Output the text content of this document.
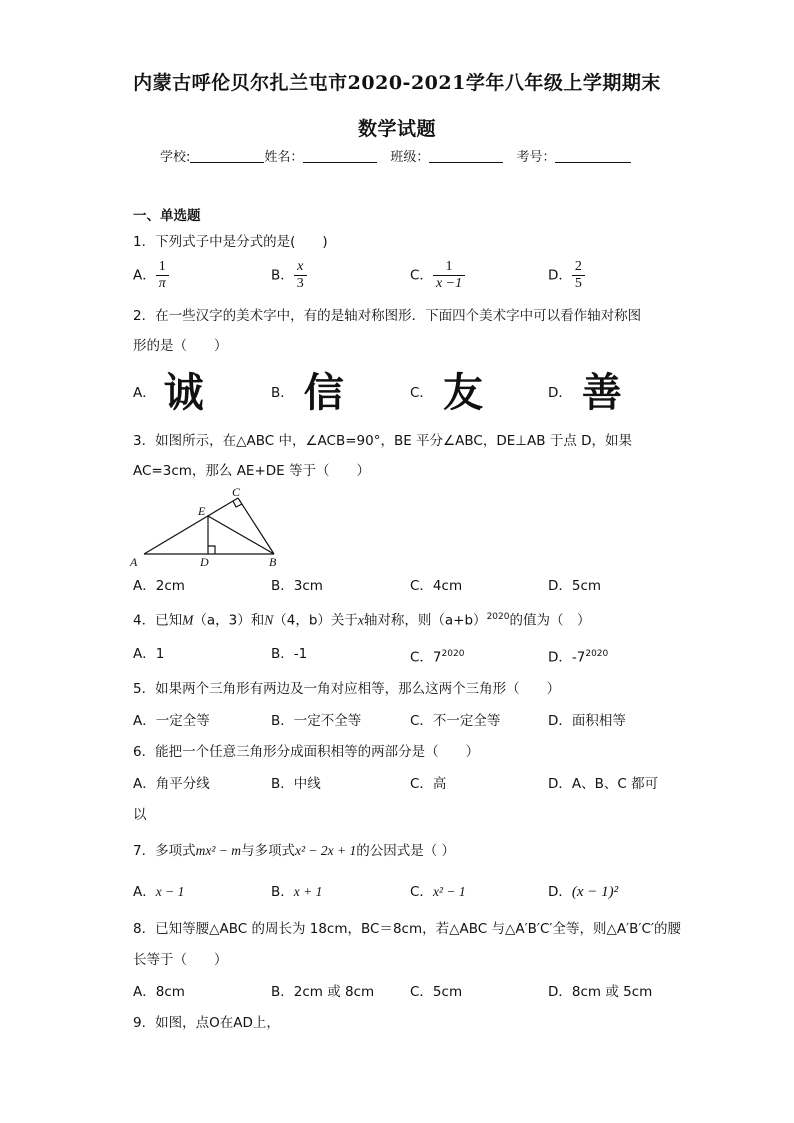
内蒙古呼伦贝尔扎兰屯市2020-2021学年八年级上学期期末
数学试题
学校:	姓名：　	班级：　	考号：
一、单选题
1．下列式子中是分式的是(　　)
A． $\frac{1}{\pi}$	B． $\frac{x}{3}$	C． $\frac{1}{x -1}$	D． $\frac{2}{5}$
2．在一些汉字的美术字中，有的是轴对称图形．下面四个美术字中可以看作轴对称图
形的是（　　）
A． 诚	B． 信	C． 友	D． 善
3．如图所示，在△ABC 中，∠ACB=90°，BE 平分∠ABC，DE⊥AB 于点 D，如果
AC=3cm，那么 AE+DE 等于（　　）
A	B
C
D
E
A．2cm	B．3cm	C．4cm	D．5cm
4．已知M（a，3）和N（4，b）关于x轴对称，则$(a+b)^{2020}$的值为（　）
A．1	B．-1	C．$7^{2020}$	D．$-7^{2020}$
5．如果两个三角形有两边及一角对应相等，那么这两个三角形（　　）
A．一定全等	B．一定不全等	C．不一定全等	D．面积相等
6．能把一个任意三角形分成面积相等的两部分是（　　）
A．角平分线	B．中线	C．高	D．A、B、C 都可
以
7．多项式mx² − m与多项式x² − 2x + 1的公因式是（ ）
A．x − 1	B．x + 1	C．x² − 1	D．(x − 1)²
8．已知等腰△ABC 的周长为 18cm，BC＝8cm，若△ABC 与△A′B′C′全等，则△A′B′C′的腰
长等于（　　）
A．8cm	B．2cm 或 8cm	C．5cm	D．8cm 或 5cm
9．如图，点O在AD上，
